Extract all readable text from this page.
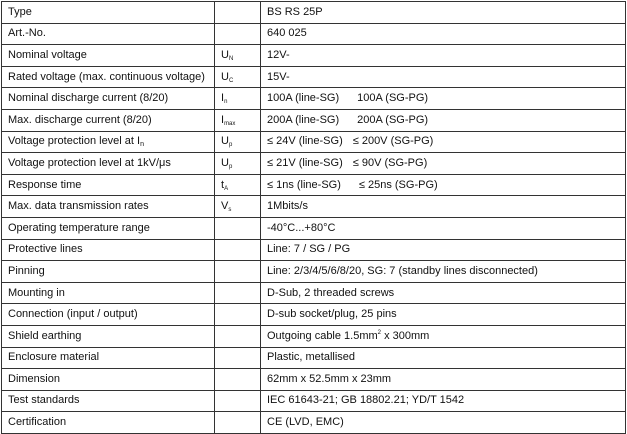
Type		BS RS 25P
Art.-No.		640 025
Nominal voltage	$U_N$	12V-
Rated voltage (max. continuous voltage)	$U_C$	15V-
Nominal discharge current (8/20)	$I_n$	100A (line-SG) 100A (SG-PG)
Max. discharge current (8/20)	$I_{max}$	200A (line-SG) 200A (SG-PG)
Voltage protection level at $I_n$	$U_p$	≤ 24V (line-SG) ≤ 200V (SG-PG)
Voltage protection level at 1kV/μs	$U_p$	≤ 21V (line-SG) ≤ 90V (SG-PG)
Response time	$t_A$	≤ 1ns (line-SG) ≤ 25ns (SG-PG)
Max. data transmission rates	$V_s$	1Mbits/s
Operating temperature range		-40°C...+80°C
Protective lines		Line: 7 / SG / PG
Pinning		Line: 2/3/4/5/6/8/20, SG: 7 (standby lines disconnected)
Mounting in		D-Sub, 2 threaded screws
Connection (input / output)		D-sub socket/plug, 25 pins
Shield earthing		Outgoing cable $1.5mm^2$ x 300mm
Enclosure material		Plastic, metallised
Dimension		62mm x 52.5mm x 23mm
Test standards		IEC 61643-21; GB 18802.21; YD/T 1542
Certification		CE (LVD, EMC)
